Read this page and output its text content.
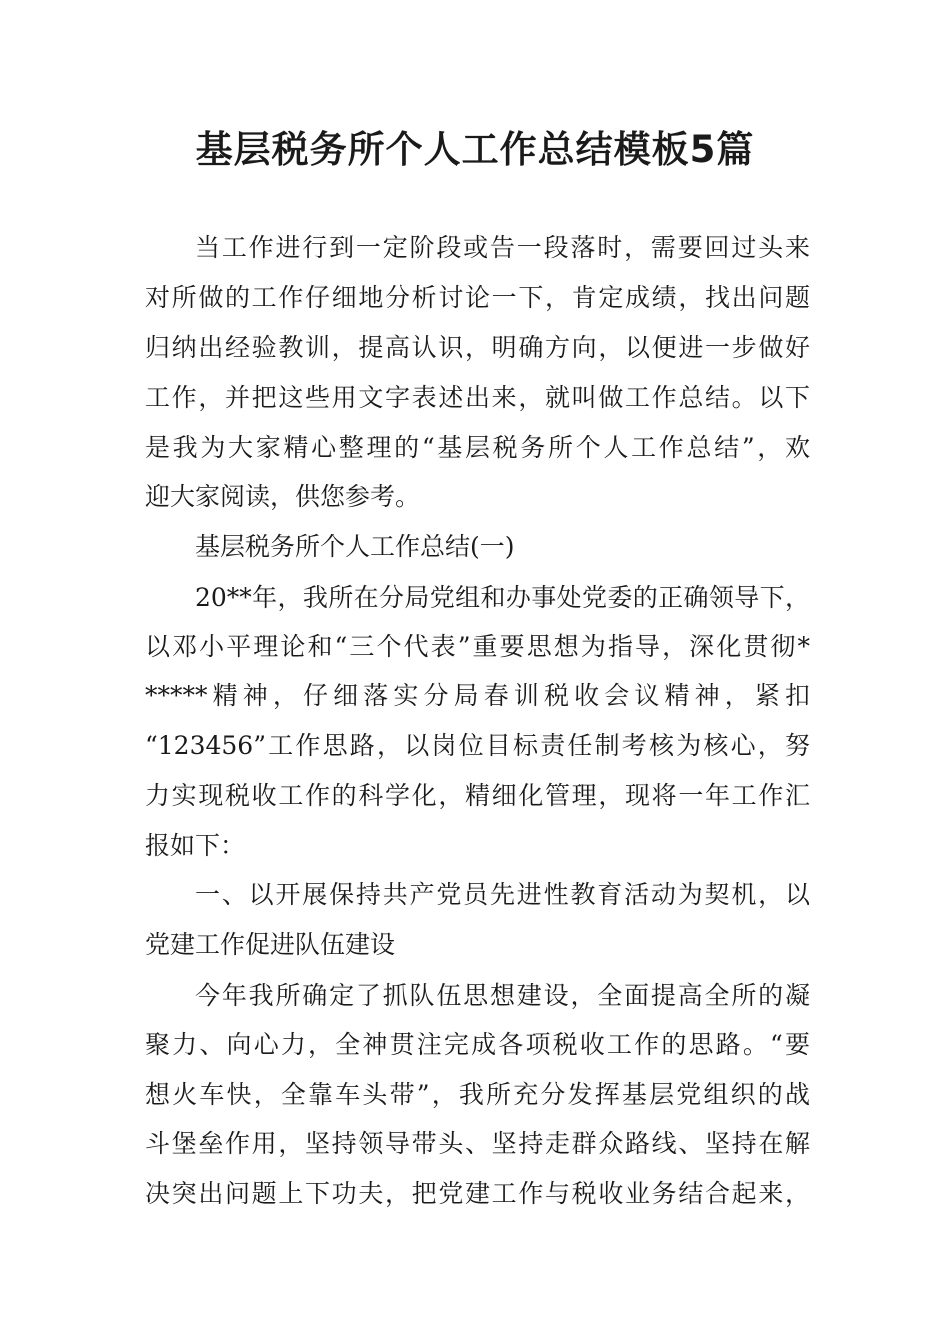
基层税务所个人工作总结模板5篇

当工作进行到一定阶段或告一段落时，需要回过头来

对所做的工作仔细地分析讨论一下，肯定成绩，找出问题

归纳出经验教训，提高认识，明确方向，以便进一步做好

工作，并把这些用文字表述出来，就叫做工作总结。以下

是我为大家精心整理的“基层税务所个人工作总结”，欢

迎大家阅读，供您参考。

基层税务所个人工作总结(一)

20**年，我所在分局党组和办事处党委的正确领导下，

以邓小平理论和“三个代表”重要思想为指导，深化贯彻*

*****精神，仔细落实分局春训税收会议精神，紧扣

“123456”工作思路，以岗位目标责任制考核为核心，努

力实现税收工作的科学化，精细化管理，现将一年工作汇

报如下：

一、以开展保持共产党员先进性教育活动为契机，以

党建工作促进队伍建设

今年我所确定了抓队伍思想建设，全面提高全所的凝

聚力、向心力，全神贯注完成各项税收工作的思路。“要

想火车快，全靠车头带”，我所充分发挥基层党组织的战

斗堡垒作用，坚持领导带头、坚持走群众路线、坚持在解

决突出问题上下功夫，把党建工作与税收业务结合起来，
